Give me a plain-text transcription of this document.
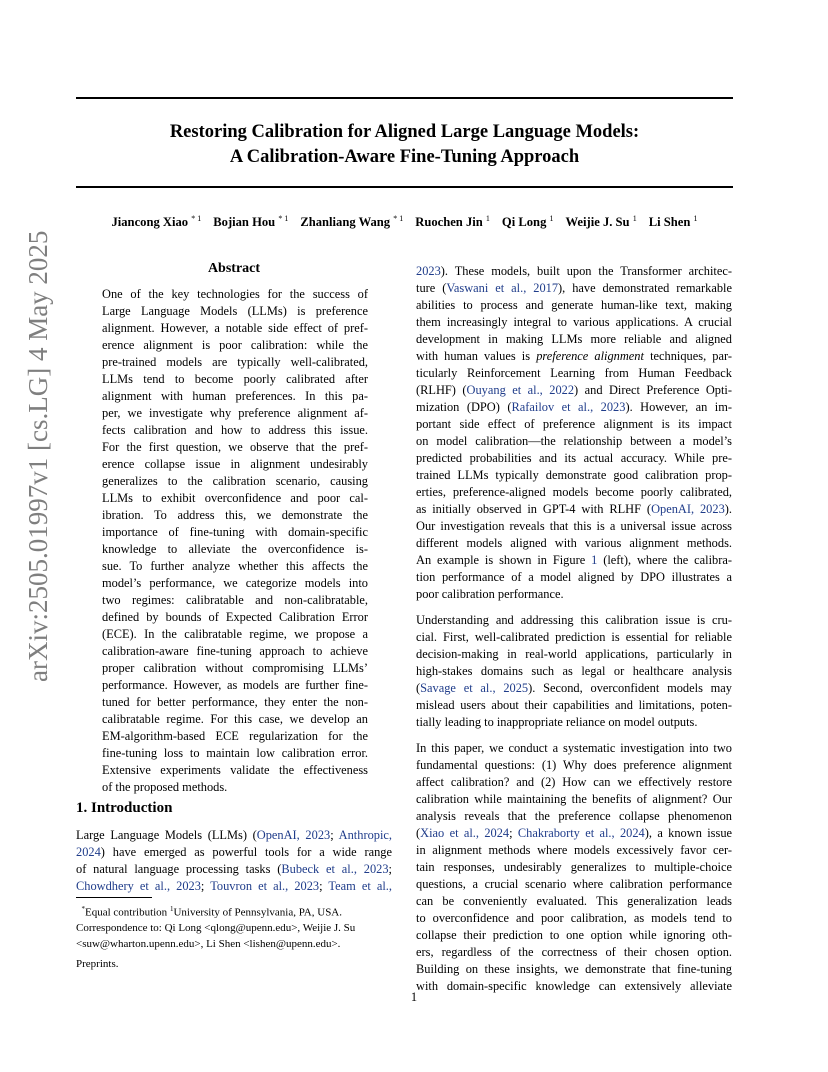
Restoring Calibration for Aligned Large Language Models:
A Calibration-Aware Fine-Tuning Approach
Jiancong Xiao $^{* 1}$ Bojian Hou $^{* 1}$ Zhanliang Wang $^{* 1}$ Ruochen Jin $^1$ Qi Long $^1$ Weijie J. Su $^1$ Li Shen $^1$
arXiv:2505.01997v1 [cs.LG] 4 May 2025	Abstract
One of the key technologies for the success of
Large Language Models (LLMs) is preference
alignment. However, a notable side effect of pref-
erence alignment is poor calibration: while the
pre-trained models are typically well-calibrated,
LLMs tend to become poorly calibrated after
alignment with human preferences. In this pa-
per, we investigate why preference alignment af-
fects calibration and how to address this issue.
For the first question, we observe that the pref-
erence collapse issue in alignment undesirably
generalizes to the calibration scenario, causing
LLMs to exhibit overconfidence and poor cal-
ibration. To address this, we demonstrate the
importance of fine-tuning with domain-specific
knowledge to alleviate the overconfidence is-
sue. To further analyze whether this affects the
model’s performance, we categorize models into
two regimes: calibratable and non-calibratable,
defined by bounds of Expected Calibration Error
(ECE). In the calibratable regime, we propose a
calibration-aware fine-tuning approach to achieve
proper calibration without compromising LLMs’
performance. However, as models are further fine-
tuned for better performance, they enter the non-
calibratable regime. For this case, we develop an
EM-algorithm-based ECE regularization for the
fine-tuning loss to maintain low calibration error.
Extensive experiments validate the effectiveness
of the proposed methods.
1. Introduction
Large Language Models (LLMs) (OpenAI, 2023; Anthropic,
2024) have emerged as powerful tools for a wide range
of natural language processing tasks (Bubeck et al., 2023;
Chowdhery et al., 2023; Touvron et al., 2023; Team et al.,
*Equal contribution $^1$University of Pennsylvania, PA, USA.
Correspondence to: Qi Long <qlong@upenn.edu>, Weijie J. Su
<suw@wharton.upenn.edu>, Li Shen <lishen@upenn.edu>.
Preprints.
2023). These models, built upon the Transformer architec-
ture (Vaswani et al., 2017), have demonstrated remarkable
abilities to process and generate human-like text, making
them increasingly integral to various applications. A crucial
development in making LLMs more reliable and aligned
with human values is preference alignment techniques, par-
ticularly Reinforcement Learning from Human Feedback
(RLHF) (Ouyang et al., 2022) and Direct Preference Opti-
mization (DPO) (Rafailov et al., 2023). However, an im-
portant side effect of preference alignment is its impact
on model calibration—the relationship between a model’s
predicted probabilities and its actual accuracy. While pre-
trained LLMs typically demonstrate good calibration prop-
erties, preference-aligned models become poorly calibrated,
as initially observed in GPT-4 with RLHF (OpenAI, 2023).
Our investigation reveals that this is a universal issue across
different models aligned with various alignment methods.
An example is shown in Figure 1 (left), where the calibra-
tion performance of a model aligned by DPO illustrates a
poor calibration performance.
Understanding and addressing this calibration issue is cru-
cial. First, well-calibrated prediction is essential for reliable
decision-making in real-world applications, particularly in
high-stakes domains such as legal or healthcare analysis
(Savage et al., 2025). Second, overconfident models may
mislead users about their capabilities and limitations, poten-
tially leading to inappropriate reliance on model outputs.
In this paper, we conduct a systematic investigation into two
fundamental questions: (1) Why does preference alignment
affect calibration? and (2) How can we effectively restore
calibration while maintaining the benefits of alignment? Our
analysis reveals that the preference collapse phenomenon
(Xiao et al., 2024; Chakraborty et al., 2024), a known issue
in alignment methods where models excessively favor cer-
tain responses, undesirably generalizes to multiple-choice
questions, a crucial scenario where calibration performance
can be conveniently evaluated. This generalization leads
to overconfidence and poor calibration, as models tend to
collapse their prediction to one option while ignoring oth-
ers, regardless of the correctness of their chosen option.
Building on these insights, we demonstrate that fine-tuning
with domain-specific knowledge can extensively alleviate
1
